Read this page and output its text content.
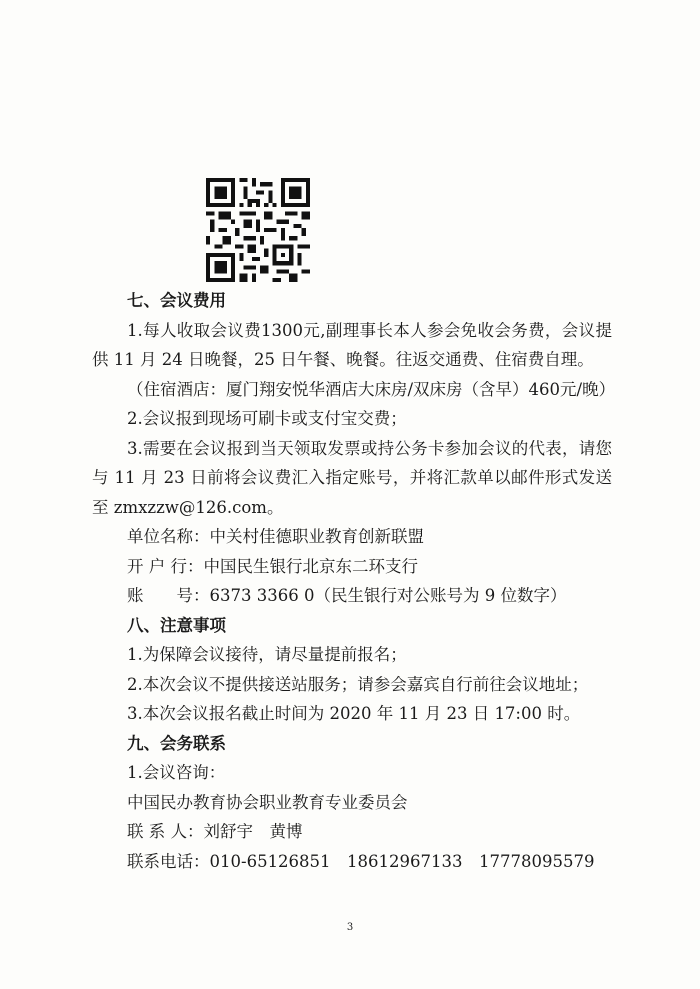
七、会议费用

1.每人收取会议费1300元,副理事长本人参会免收会务费，会议提供 11 月 24 日晚餐，25 日午餐、晚餐。往返交通费、住宿费自理。

（住宿酒店：厦门翔安悦华酒店大床房/双床房（含早）460元/晚）

2.会议报到现场可刷卡或支付宝交费；

3.需要在会议报到当天领取发票或持公务卡参加会议的代表，请您与 11 月 23 日前将会议费汇入指定账号，并将汇款单以邮件形式发送至 zmxzzw@126.com。

单位名称：中关村佳德职业教育创新联盟

开 户 行：中国民生银行北京东二环支行

账　　号：6373 3366 0（民生银行对公账号为 9 位数字）

八、注意事项

1.为保障会议接待，请尽量提前报名；

2.本次会议不提供接送站服务；请参会嘉宾自行前往会议地址；

3.本次会议报名截止时间为 2020 年 11 月 23 日 17:00 时。

九、会务联系

1.会议咨询：

中国民办教育协会职业教育专业委员会

联 系 人：刘舒宇　黄博

联系电话：010-65126851　18612967133　17778095579

3
